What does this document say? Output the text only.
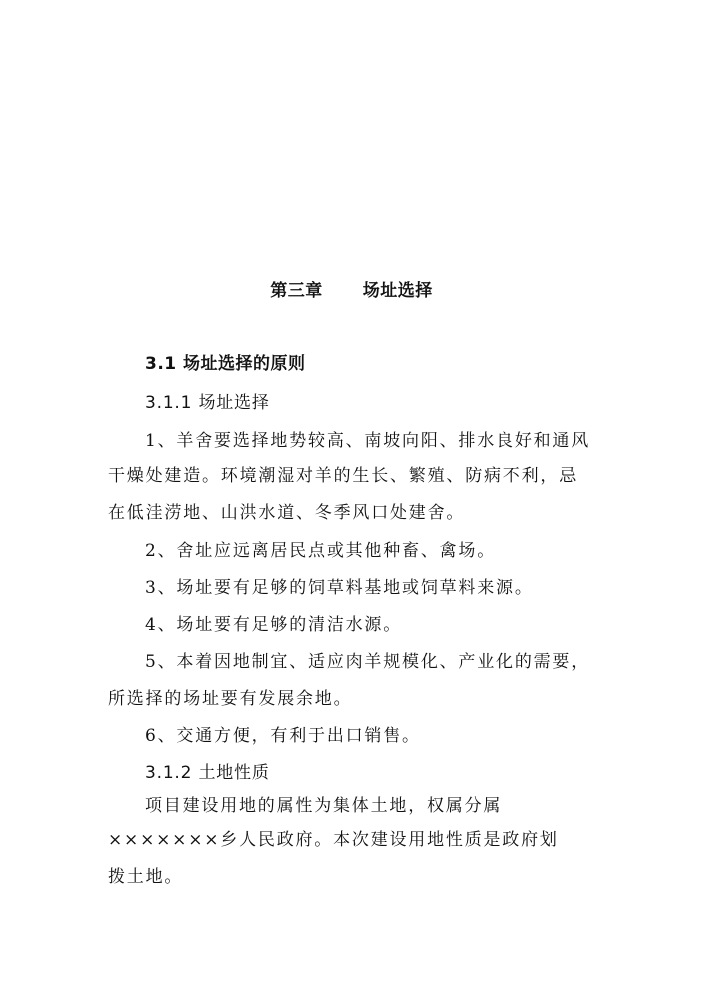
第三章 场址选择
3.1 场址选择的原则
3.1.1 场址选择
1、羊舍要选择地势较高、南坡向阳、排水良好和通风
干燥处建造。环境潮湿对羊的生长、繁殖、防病不利，忌
在低洼涝地、山洪水道、冬季风口处建舍。
2、舍址应远离居民点或其他种畜、禽场。
3、场址要有足够的饲草料基地或饲草料来源。
4、场址要有足够的清洁水源。
5、本着因地制宜、适应肉羊规模化、产业化的需要，
所选择的场址要有发展余地。
6、交通方便，有利于出口销售。
3.1.2 土地性质
项目建设用地的属性为集体土地，权属分属
×××××××乡人民政府。本次建设用地性质是政府划
拨土地。
